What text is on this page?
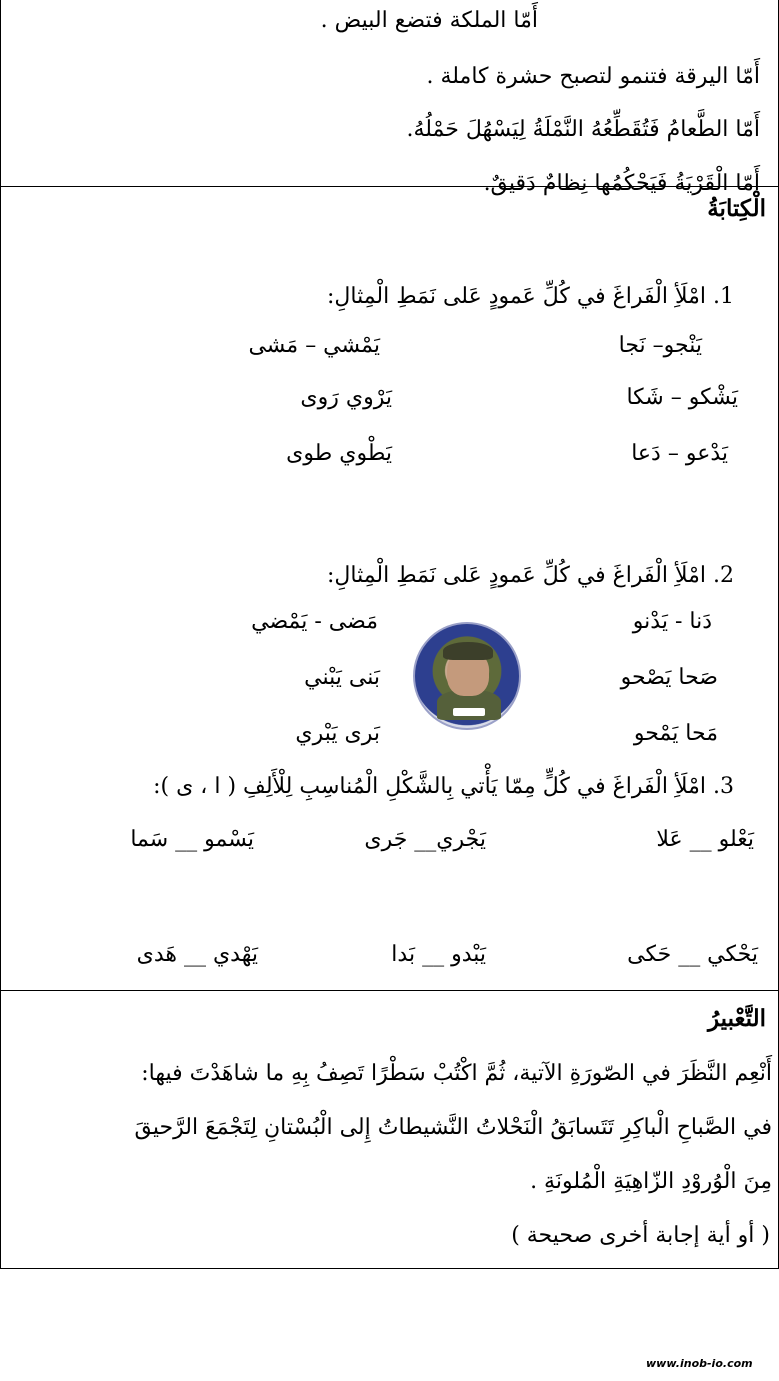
أَمّا الملكة فتضع البيض .
أَمّا اليرقة فتنمو لتصبح حشرة كاملة .
أَمّا الطَّعامُ فَتُقَطِّعُهُ النَّمْلَةُ لِيَسْهُلَ حَمْلُهُ.
أَمّا الْقَرْيَةُ فَيَحْكُمُها نِظامٌ دَقيقٌ.
الْكِتابَةُ
1. امْلَأِ الْفَراغَ في كُلِّ عَمودٍ عَلى نَمَطِ الْمِثالِ:
يَنْجو– نَجا
يَمْشي – مَشى
يَشْكو – شَكا
يَرْوي رَوى
يَدْعو – دَعا
يَطْوي طوى
2. امْلَأِ الْفَراغَ في كُلِّ عَمودٍ عَلى نَمَطِ الْمِثالِ:
دَنا - يَدْنو
مَضى - يَمْضي
صَحا يَصْحو
بَنى يَبْني
مَحا يَمْحو
بَرى يَبْري
3. امْلَأِ الْفَراغَ في كُلٍّ مِمّا يَأْتي بِالشَّكْلِ الْمُناسِبِ لِلْأَلِفِ ( ا ، ى ):
يَعْلو __ عَلا
يَجْري__ جَرى
يَسْمو __ سَما
يَحْكي __ حَكى
يَبْدو __ بَدا
يَهْدي __ هَدى
التَّعْبيرُ
أَنْعِم النَّظَرَ في الصّورَةِ الآتية، ثُمَّ اكْتُبْ سَطْرًا تَصِفُ بِهِ ما شاهَدْتَ فيها:
في الصَّباحِ الْباكِرِ تَتَسابَقُ الْنَحْلاتُ النَّشيطاتُ إِلى الْبُسْتانِ لِتَجْمَعَ الرَّحيقَ
مِنَ الْوُروْدِ الزّاهِيَةِ الْمُلونَةِ .
( أو أية إجابة أخرى صحيحة )
www.inob-io.com
